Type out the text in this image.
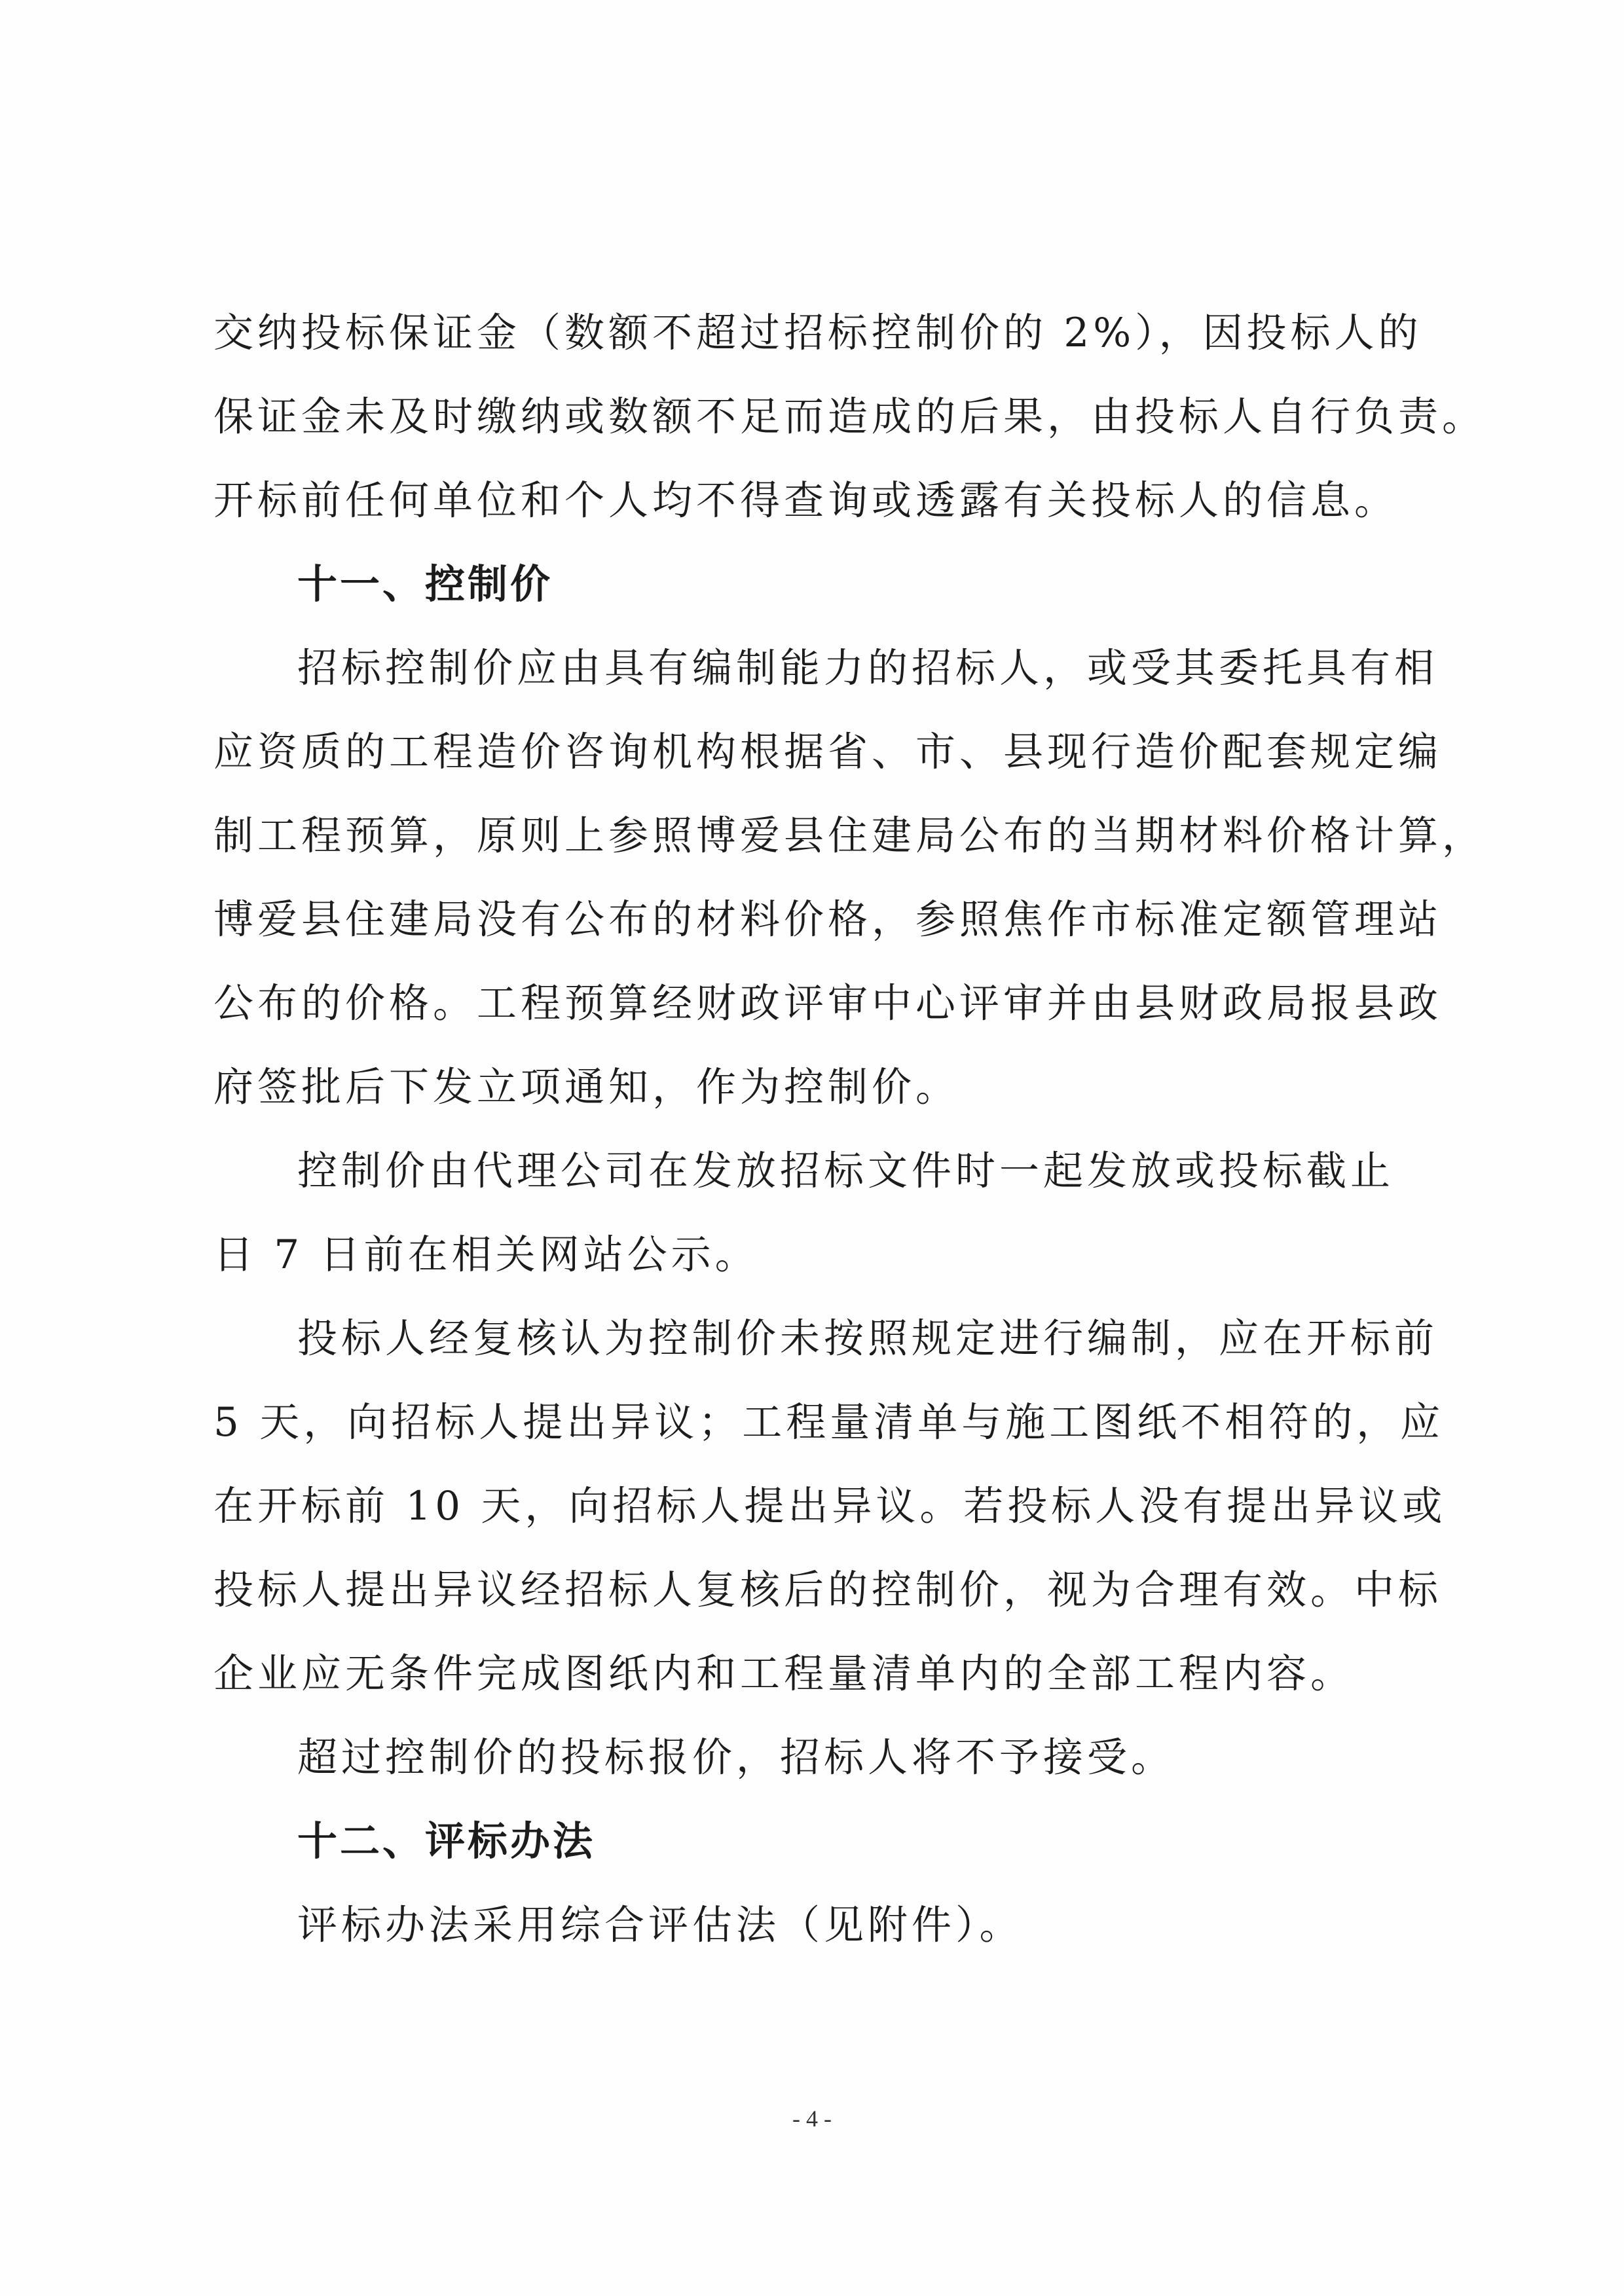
交纳投标保证金（数额不超过招标控制价的 2%），因投标人的
保证金未及时缴纳或数额不足而造成的后果，由投标人自行负责。
开标前任何单位和个人均不得查询或透露有关投标人的信息。
十一、控制价
招标控制价应由具有编制能力的招标人，或受其委托具有相
应资质的工程造价咨询机构根据省、市、县现行造价配套规定编
制工程预算，原则上参照博爱县住建局公布的当期材料价格计算，
博爱县住建局没有公布的材料价格，参照焦作市标准定额管理站
公布的价格。工程预算经财政评审中心评审并由县财政局报县政
府签批后下发立项通知，作为控制价。
控制价由代理公司在发放招标文件时一起发放或投标截止
日 7 日前在相关网站公示。
投标人经复核认为控制价未按照规定进行编制，应在开标前
5 天，向招标人提出异议；工程量清单与施工图纸不相符的，应
在开标前 10 天，向招标人提出异议。若投标人没有提出异议或
投标人提出异议经招标人复核后的控制价，视为合理有效。中标
企业应无条件完成图纸内和工程量清单内的全部工程内容。
超过控制价的投标报价，招标人将不予接受。
十二、评标办法
评标办法采用综合评估法（见附件）。
- 4 -
